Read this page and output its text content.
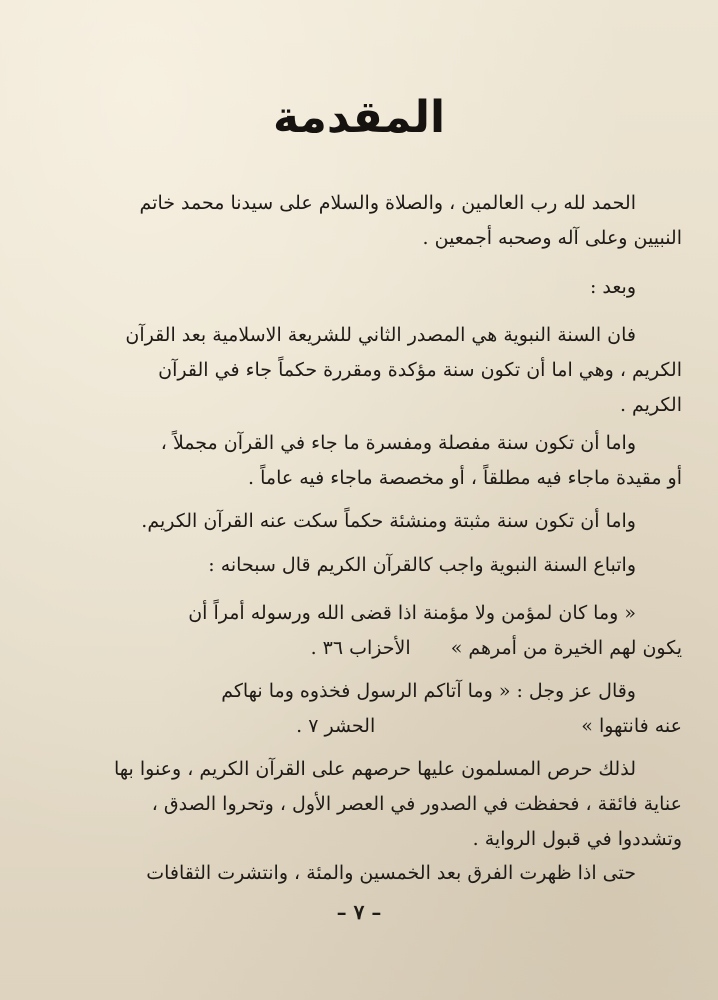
المقدمة
الحمد لله رب العالمين ، والصلاة والسلام على سيدنا محمد خاتم
النبيين وعلى آله وصحبه أجمعين .
وبعد :
فان السنة النبوية هي المصدر الثاني للشريعة الاسلامية بعد القرآن
الكريم ، وهي اما أن تكون سنة مؤكدة ومقررة حكماً جاء في القرآن
الكريم .
واما أن تكون سنة مفصلة ومفسرة ما جاء في القرآن مجملاً ،
أو مقيدة ماجاء فيه مطلقاً ، أو مخصصة ماجاء فيه عاماً .
واما أن تكون سنة مثبتة ومنشئة حكماً سكت عنه القرآن الكريم.
واتباع السنة النبوية واجب كالقرآن الكريم قال سبحانه :
« وما كان لمؤمن ولا مؤمنة اذا قضى الله ورسوله أمراً أن
يكون لهم الخيرة من أمرهم » الأحزاب ٣٦ .
وقال عز وجل : « وما آتاكم الرسول فخذوه وما نهاكم
عنه فانتهوا » الحشر ٧ .
لذلك حرص المسلمون عليها حرصهم على القرآن الكريم ، وعنوا بها
عناية فائقة ، فحفظت في الصدور في العصر الأول ، وتحروا الصدق ،
وتشددوا في قبول الرواية .
حتى اذا ظهرت الفرق بعد الخمسين والمئة ، وانتشرت الثقافات
– ٧ –
